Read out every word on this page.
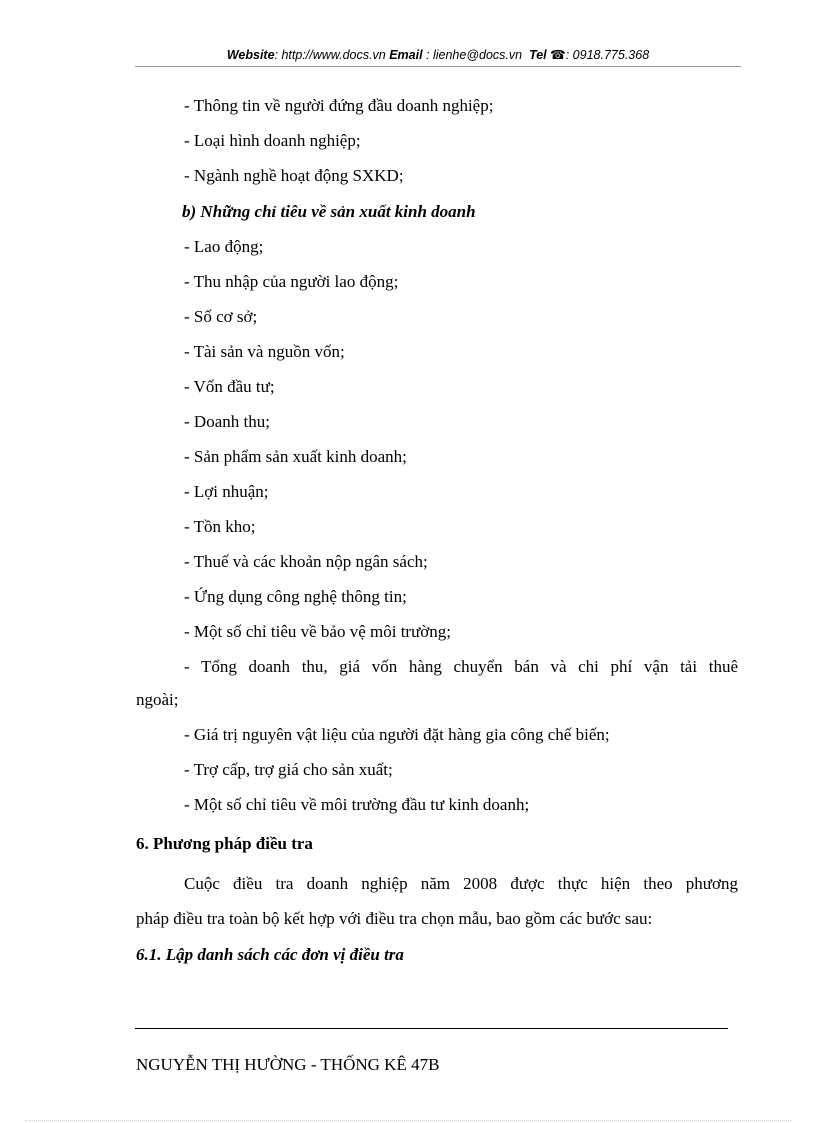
Website: http://www.docs.vn Email : lienhe@docs.vn Tel ☎: 0918.775.368
- Thông tin về người đứng đầu doanh nghiệp;
- Loại hình doanh nghiệp;
- Ngành nghề hoạt động SXKD;
b) Những chỉ tiêu về sản xuất kinh doanh
- Lao động;
- Thu nhập của người lao động;
- Số cơ sở;
- Tài sản và nguồn vốn;
- Vốn đầu tư;
- Doanh thu;
- Sản phẩm sản xuất kinh doanh;
- Lợi nhuận;
- Tồn kho;
- Thuế và các khoản nộp ngân sách;
- Ứng dụng công nghệ thông tin;
- Một số chỉ tiêu về bảo vệ môi trường;
- Tổng doanh thu, giá vốn hàng chuyển bán và chi phí vận tải thuê
ngoài;
- Giá trị nguyên vật liệu của người đặt hàng gia công chế biến;
- Trợ cấp, trợ giá cho sản xuất;
- Một số chỉ tiêu về môi trường đầu tư kinh doanh;
6. Phương pháp điều tra
Cuộc điều tra doanh nghiệp năm 2008 được thực hiện theo phương
pháp điều tra toàn bộ kết hợp với điều tra chọn mẫu, bao gồm các bước sau:
6.1. Lập danh sách các đơn vị điều tra
NGUYỄN THỊ HƯỜNG - THỐNG KÊ 47B
